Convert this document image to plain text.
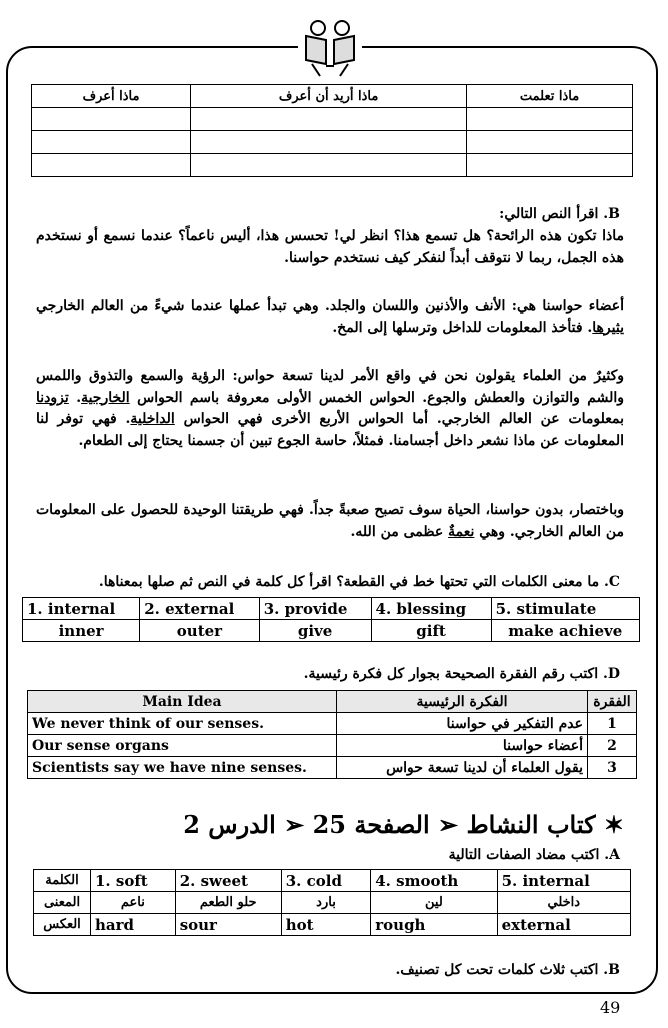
ماذا أعرف	ماذا أريد أن أعرف	ماذا تعلمت

B. اقرأ النص التالي:
ماذا تكون هذه الرائحة؟ هل تسمع هذا؟ انظر لي! تحسس هذا، أليس ناعماً؟ عندما نسمع أو نستخدم هذه الجمل، ربما لا نتوقف أبداً لنفكر كيف نستخدم حواسنا.
أعضاء حواسنا هي: الأنف والأذنين واللسان والجلد. وهي تبدأ عملها عندما شيءً من العالم الخارجي يثيرها. فتأخذ المعلومات للداخل وترسلها إلى المخ.
وكثيرٌ من العلماء يقولون نحن في واقع الأمر لدينا تسعة حواس: الرؤية والسمع والتذوق واللمس والشم والتوازن والعطش والجوع. الحواس الخمس الأولى معروفة باسم الحواس الخارجية. تزودنا بمعلومات عن العالم الخارجي. أما الحواس الأربع الأخرى فهي الحواس الداخلية. فهي توفر لنا المعلومات عن ماذا نشعر داخل أجسامنا. فمثلاً، حاسة الجوع تبين أن جسمنا يحتاج إلى الطعام.
وباختصار، بدون حواسنا، الحياة سوف تصبح صعبةً جداً. فهي طريقتنا الوحيدة للحصول على المعلومات من العالم الخارجي. وهي نعمةٌ عظمى من الله.
C. ما معنى الكلمات التي تحتها خط في القطعة؟ اقرأ كل كلمة في النص ثم صلها بمعناها.
1. internal	2. external	3. provide	4. blessing	5. stimulate
inner	outer	give	gift	make achieve
D. اكتب رقم الفقرة الصحيحة بجوار كل فكرة رئيسية.
Main Idea	الفكرة الرئيسية	الفقرة
We never think of our senses.	عدم التفكير في حواسنا	1
Our sense organs	أعضاء حواسنا	2
Scientists say we have nine senses.	يقول العلماء أن لدينا تسعة حواس	3
✶ كتاب النشاط ➢ الصفحة 25 ➢ الدرس 2
A. اكتب مضاد الصفات التالية
الكلمة	1. soft	2. sweet	3. cold	4. smooth	5. internal
المعنى	ناعم	حلو الطعم	بارد	لين	داخلي
العكس	hard	sour	hot	rough	external
B. اكتب ثلاث كلمات تحت كل تصنيف.
49
